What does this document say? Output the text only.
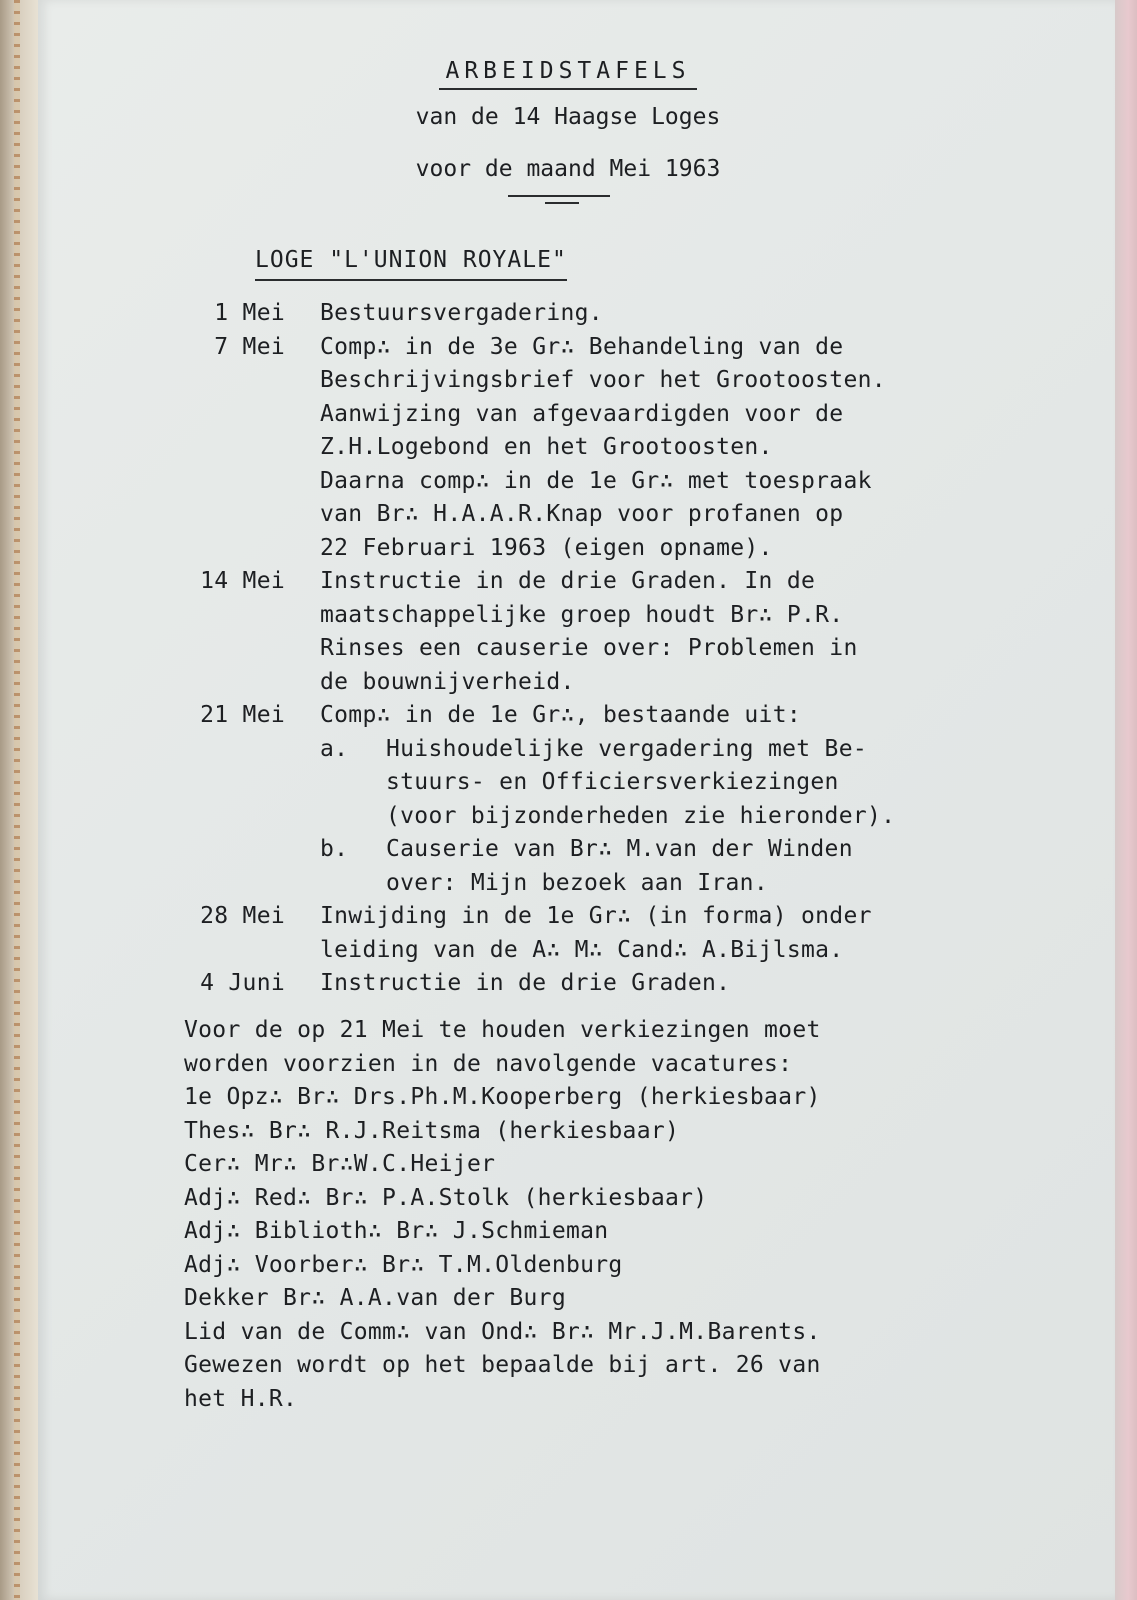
ARBEIDSTAFELS
van de 14 Haagse Loges
voor de maand Mei 1963
LOGE "L'UNION ROYALE"
1 Mei Bestuursvergadering.
7 Mei Comp∴ in de 3e Gr∴ Behandeling van de
Beschrijvingsbrief voor het Grootoosten.
Aanwijzing van afgevaardigden voor de
Z.H.Logebond en het Grootoosten.
Daarna comp∴ in de 1e Gr∴ met toespraak
van Br∴ H.A.A.R.Knap voor profanen op
22 Februari 1963 (eigen opname).
14 Mei Instructie in de drie Graden. In de
maatschappelijke groep houdt Br∴ P.R.
Rinses een causerie over: Problemen in
de bouwnijverheid.
21 Mei Comp∴ in de 1e Gr∴, bestaande uit:
a. Huishoudelijke vergadering met Be-
stuurs- en Officiersverkiezingen
(voor bijzonderheden zie hieronder).
b. Causerie van Br∴ M.van der Winden
over: Mijn bezoek aan Iran.
28 Mei Inwijding in de 1e Gr∴ (in forma) onder
leiding van de A∴ M∴ Cand∴ A.Bijlsma.
4 Juni Instructie in de drie Graden.
Voor de op 21 Mei te houden verkiezingen moet
worden voorzien in de navolgende vacatures:
1e Opz∴ Br∴ Drs.Ph.M.Kooperberg (herkiesbaar)
Thes∴ Br∴ R.J.Reitsma (herkiesbaar)
Cer∴ Mr∴ Br∴W.C.Heijer
Adj∴ Red∴ Br∴ P.A.Stolk (herkiesbaar)
Adj∴ Biblioth∴ Br∴ J.Schmieman
Adj∴ Voorber∴ Br∴ T.M.Oldenburg
Dekker Br∴ A.A.van der Burg
Lid van de Comm∴ van Ond∴ Br∴ Mr.J.M.Barents.
Gewezen wordt op het bepaalde bij art. 26 van
het H.R.
